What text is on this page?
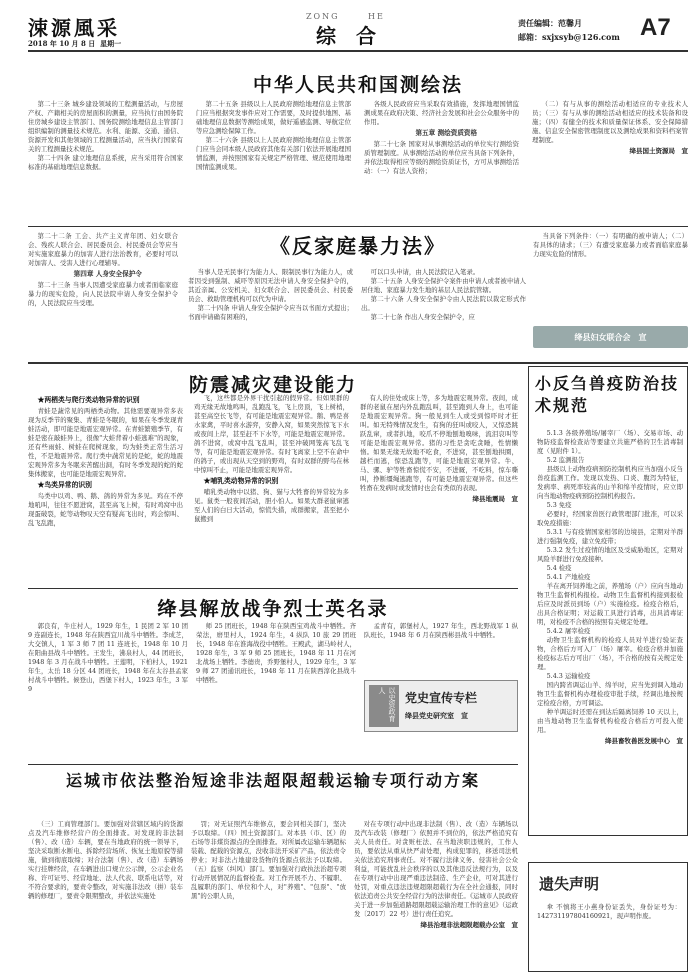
涑源風采
2018 年 10 月 8 日 星期一
ZONG	HE
综　合
责任编辑：范馨月
邮箱：sxjxsyb@126.com A7
中华人民共和国测绘法

第二十三条 城乡建设领域的工程测量活动，与房屋产权、产籍相关的房屋面积的测量，应当执行由国务院住房城乡建设主管部门、国务院测绘地理信息主管部门组织编制的测量技术规范。水利、能源、交通、通信、资源开发和其他领域的工程测量活动，应当执行国家有关的工程测量技术规范。

第二十四条 建立地理信息系统，应当采用符合国家标准的基础地理信息数据。

第二十五条 县级以上人民政府测绘地理信息主管部门应当根据突发事件应对工作需要，及时提供地图、基础地理信息数据等测绘成果，做好遥感监测、导航定位等应急测绘保障工作。

第二十六条 县级以上人民政府测绘地理信息主管部门应当会同本级人民政府其他有关部门依法开展地理国情监测，并按照国家有关规定严格管理、规范使用地理国情监测成果。

各级人民政府应当采取有效措施，发挥地理国情监测成果在政府决策、经济社会发展和社会公众服务中的作用。

第五章 测绘资质资格

第二十七条 国家对从事测绘活动的单位实行测绘资质管理制度。从事测绘活动的单位应当具备下列条件，并依法取得相应等级的测绘资质证书，方可从事测绘活动：（一）有法人资格；

（二）有与从事的测绘活动相适应的专业技术人员；（三）有与从事的测绘活动相适应的技术装备和设施；（四）有健全的技术和质量保证体系、安全保障措施、信息安全保密管理制度以及测绘成果和资料档案管理制度。

绛县国土资源局　宣

第二十二条 工会、共产主义青年团、妇女联合会、残疾人联合会、居民委员会、村民委员会等应当对实施家庭暴力的加害人进行法治教育，必要时可以对加害人、受害人进行心理辅导。

第四章 人身安全保护令

第二十三条 当事人因遭受家庭暴力或者面临家庭暴力的现实危险，向人民法院申请人身安全保护令的，人民法院应当受理。

《反家庭暴力法》

当事人是无民事行为能力人、限制民事行为能力人，或者因受到强制、威吓等原因无法申请人身安全保护令的，其近亲属、公安机关、妇女联合会、居民委员会、村民委员会、救助管理机构可以代为申请。

第二十四条 申请人身安全保护令应当以书面方式提出；书面申请确有困难的，

可以口头申请，由人民法院记入笔录。

第二十五条 人身安全保护令案件由申请人或者被申请人居住地、家庭暴力发生地的基层人民法院管辖。

第二十六条 人身安全保护令由人民法院以裁定形式作出。

第二十七条 作出人身安全保护令，应

当具备下列条件：（一）有明确的被申请人；（二）有具体的请求；（三）有遭受家庭暴力或者面临家庭暴力现实危险的情形。

绛县妇女联合会　宣
防震减灾建设能力
★两栖类与爬行类动物异常的识别

青蛙是蔬常见的两栖类动物。其他需要观异常多表现为反季节的聚集、青蛙是冬眠的，如果在冬季发现青蛙活动，即可能是地震宏观异常。在青蛙繁殖季节，有蛙是密在敲蛙异上，很像"大蛙背着小蛙逃难"的现象，还有些雨蛙、树蛙在爬树现象，均为蛙类正常生活习性，不是地震异常。爬行类中蔬常见的是蛇，蛇的地震宏观异常多为冬眠来苦醒出洞，有时冬季发现的蛇的蛇集体搬家，也可能是地震宏观异常。

★鸟类异常的识别

鸟类中以鸡、鸭、鹅、鸽的异常为多见。鸡在不停地吼叫，往往不愿进窝，甚至高飞上树，有时鸡窝中出现蛋破裂，蛇等动物叹天空有疑高飞出时，鸡会惊叫、乱飞乱跑，

飞，这些都是外界干扰引起的假异常。但如果群的鸡无缘无故地鸣叫，乱跑乱飞，飞上房顶，飞上树梢，甚至高空长飞等，有可能是地震宏观异常。鹅、鸭是喜水家禽，平时喜水游弈，安静入窝，如果突然惊飞下水或夜间上岸，甚至赶不下水等，可能是地震宏观异常。鸽不进窝，或窝中乱飞乱叫，甚至冲破网笼高飞乱飞等，有可能是地震宏观异常。有时飞离家上空不在命中的鸽子，或出现从天空到的野鸡，有时双群的野鸟在林中惊叫不止，可能是地震宏观异常。

★哺乳类动物异常的识别

哺乳类动物中以猪、狗、猫与大牲畜的异常较为多见。鼠类一般夜间活动，胆小怕人。如果大群老鼠窜逃至人们的白日大活动，惊慌失措，成群搬家，甚至把小鼠搬到

有人的住处或床上等，多为地震宏观异常。夜间，成群的老鼠在屋内外乱跑乱叫，甚至跑到人身上，也可能是地震宏观异常。狗一般见到生人或受到惊吓时才狂叫。如无特殊情况发生，有狗的狂叫或咬人，又惊恐跳跃乱窜，或者扒地，咬爪不停地刨地嗅味，流泪哀叫等可能是地震宏观异常。猪的习性是贪吃贪睡，性情懒惰。如果无缘无故地不吃食，不进窝，甚至刨地拱圈，越栏而逃，惊恐乱跑等，可能是地震宏观异常。牛、马、骡、驴等牲畜惊慌不安，不进厩，不吃料，惊车嘶叫，挣断缰绳逃跑等，有可能是地震宏观异常。但这些牲畜在发病时或发情时也会有类似的表现。

绛县地震局　宣
小反刍兽疫防治技术规范

5.1.3 各级养殖场/屠宰厂（场）、交易市场、动物防疫监督检查站等要建立共施严格的卫生消毒制度（见附件 1）。

5.2 监测报告

县级以上动物疫病预防控制机构应当加强小反刍兽疫监测工作。发现以发热、口炎、腹泻为特征，发病率、病死率较高的山羊和绵羊疫情时，应立即向当地动物疫病预防控制机构报告。

5.3 免疫

必要时，经国家兽医行政管理部门批准，可以采取免疫措施：

5.3.1 与有疫情国家相邻的边境县，定期对羊群进行强制免疫，建立免疫带；

5.3.2 发生过疫情的地区及受威胁地区，定期对风险羊群进行免疫接种。

5.4 检疫

5.4.1 产地检疫

羊在离开饲养地之前，养殖场（户）应向当地动物卫生监督机构报检。动物卫生监督机构接到报检后应及时派员到场（户）实施检疫。检疫合格后，出具合格证明；对运载工具进行消毒，出具消毒证明，对检疫不合格的按照有关规定处理。

5.4.2 屠宰检疫

动物卫生监督机构的检疫人员对羊进行验证查物，合格后方可入厂（场）屠宰。检疫合格并加施检疫标志后方可出厂（场），不合格的按有关规定处理。

5.4.3 运输检疫

国内跨省调运山羊、绵羊时，应当先到调入地动物卫生监督机构办理检疫审批手续，经调出地按规定检疫合格，方可调运。

种羊调运时还需在到达后隔离饲养 10 天以上，由当地动物卫生监督机构检疫合格后方可投入使用。

绛县畜牧兽医发展中心　宣
绛县解放战争烈士英名录

郭良有，牛庄村人，1929 年生，1 民团 2 军 10 团 9 连副连长，1948 年在陕西宜川战斗中牺牲。李成芝，大交镇人，1 军 3 师 7 团 11 连班长，1948 年 10 月在阳曲县战斗中牺牲。王发生，沸泉村人，44 团班长，1948 年 3 月在战斗中牺牲。王莲明，下柏村人，1921 年生，太岳 18 分区 44 团班长，1948 年在太谷县孟家村战斗中牺牲。候登山，西堡下村人，1923 年生，3 军 9

师 25 团班长，1948 年在陕西宝鸡战斗中牺牲。齐荣法，磨里村人，1924 年生，4 纵队 10 旅 29 团班长，1948 年在淮海战役中牺牲。王殿武，湖马岭村人，1928 年生，3 军 9 师 25 团班长，1948 年 11 月在河北战场上牺牲。李德贵，乔野堡村人，1929 年生，3 军 9 师 27 团通讯班长，1948 年 11 月在陕西淳化县战斗中牺牲。

孟青有，郭堡村人，1927 年生，西北野战军 1 纵队班长，1948 年 6 月在陕西彬县战斗中牺牲。

以史资政育人
党史宣传专栏
绛县党史研究室　宣
运城市依法整治短途非法超限超载运输专项行动方案

（三）工商管理部门。要加强对营辖区域内的货源点及汽车维修经营户的全面排查。对发现的非法制（售）、改（造）车辆，要在当地政府的统一领导下，坚决采取断水断电、拆除经营场所、恢复土地原貌等措施，做到彻底取缔；对合法制（售）、改（造）车辆场实行挂牌经营，在车辆进出口规立公示牌，公示企业名称、许可证号、经营地址、法人代表、联系电话等，对不符合要求的，要责令整改，对实施非法改（拼）装车辆的修理厂，要责令限期整改，并依法实施处

罚；对无证照汽车维修点，要会同相关部门，坚决予以取缔。（四）国土资源部门。对本县（市、区）的石场等非煤资源点的全面排查。对所属改运输车辆超标装载、配载的资源点，没收非法开采矿产品，依法责令停业；对非法占地建设货物的货源点依法予以取缔。（五）监察（纠风）部门。要加强对行政执法治超专项行动开展情况的监督检查。对工作开展不力、不履职、乱履职的部门、单位和个人，对"养殖"、"包票"、"放黑"的公职人员，

对在专项行动中出现非法制（售）、改（造）车辆场以及汽车改装（修理厂）依照并不到位的，依法严格追究有关人员责任。对贪赃枉法、在当地渎职违规的，工作人员，要依法从重从快严肃处理，构成犯罪的，移送司法机关依法追究刑事责任。对不履行法律义务、侵害社会公众利益，可能扰乱社会秩序的以及其他违反法规行为，以及在专项行动中出现严重违法制造、生产企业，可对其进行处罚，对重点违法违规超限超载行为在全社会通报，同时依法追责公共安全经营行为的法律责任。《运城市人民政府关于进一步加强道路超限超载运输治理工作的意见》（运政发〔2017〕22 号）进行责任追究。

绛县治理非法超限超载办公室　宣
遗失声明
傘 不慎将王小燕身份证丢失，身份证号为：142731197804160921，现声明作废。
